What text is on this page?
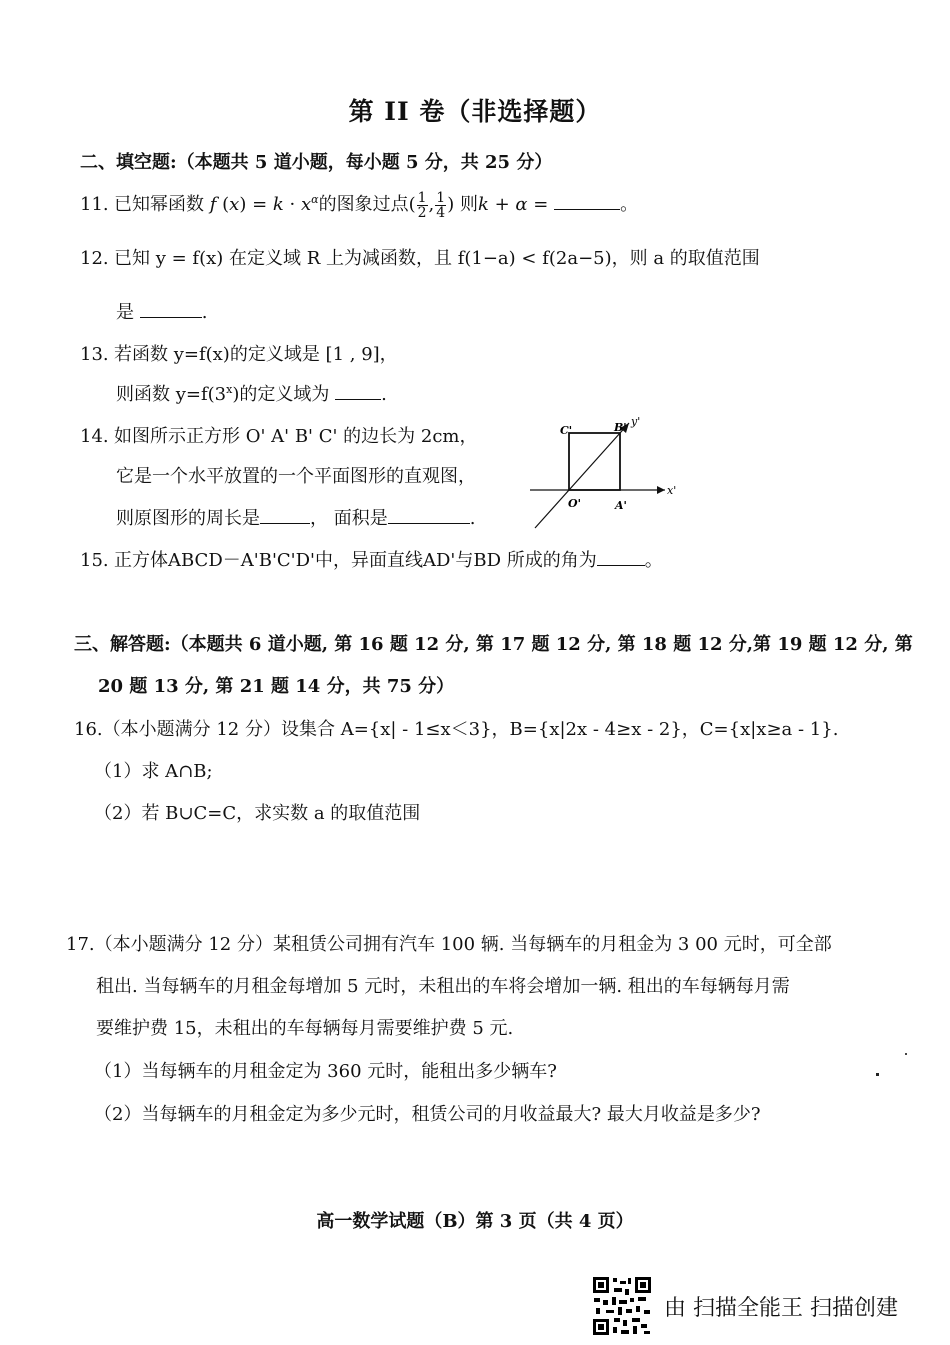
第 II 卷（非选择题）
二、填空题:（本题共 5 道小题，每小题 5 分，共 25 分）
11. 已知幂函数 f $(x) = k \cdot x^\alpha$的图象过点( $\frac{1}{2}$ , $\frac{1}{4}$ ) 则k + α =	。
12. 已知 y = f(x) 在定义域 R 上为减函数，且 f(1−a) < f(2a−5)，则 a 的取值范围
是	.
13. 若函数 y=f(x)的定义域是 [1 , 9]，
则函数 $y=f(3^x)$的定义域为	.
14. 如图所示正方形 O' A' B' C' 的边长为 2cm，
它是一个水平放置的一个平面图形的直观图，
则原图形的周长是	， 面积是	.
C'	B' y'
x'
O'	A'
15. 正方体ABCD－A'B'C'D'中，异面直线AD'与BD 所成的角为	。
三、解答题:（本题共 6 道小题, 第 16 题 12 分, 第 17 题 12 分, 第 18 题 12 分,第 19 题 12 分, 第
20 题 13 分, 第 21 题 14 分，共 75 分）
16.（本小题满分 12 分）设集合 A={x| - 1≤x＜3}，B={x|2x - 4≥x - 2}，C={x|x≥a - 1}.
（1）求 A∩B;
（2）若 B∪C=C，求实数 a 的取值范围
17.（本小题满分 12 分）某租赁公司拥有汽车 100 辆. 当每辆车的月租金为 3 00 元时，可全部
租出. 当每辆车的月租金每增加 5 元时，未租出的车将会增加一辆. 租出的车每辆每月需
要维护费 15，未租出的车每辆每月需要维护费 5 元.
（1）当每辆车的月租金定为 360 元时，能租出多少辆车?
（2）当每辆车的月租金定为多少元时，租赁公司的月收益最大? 最大月收益是多少?
高一数学试题（B）第 3 页（共 4 页）
由 扫描全能王 扫描创建
